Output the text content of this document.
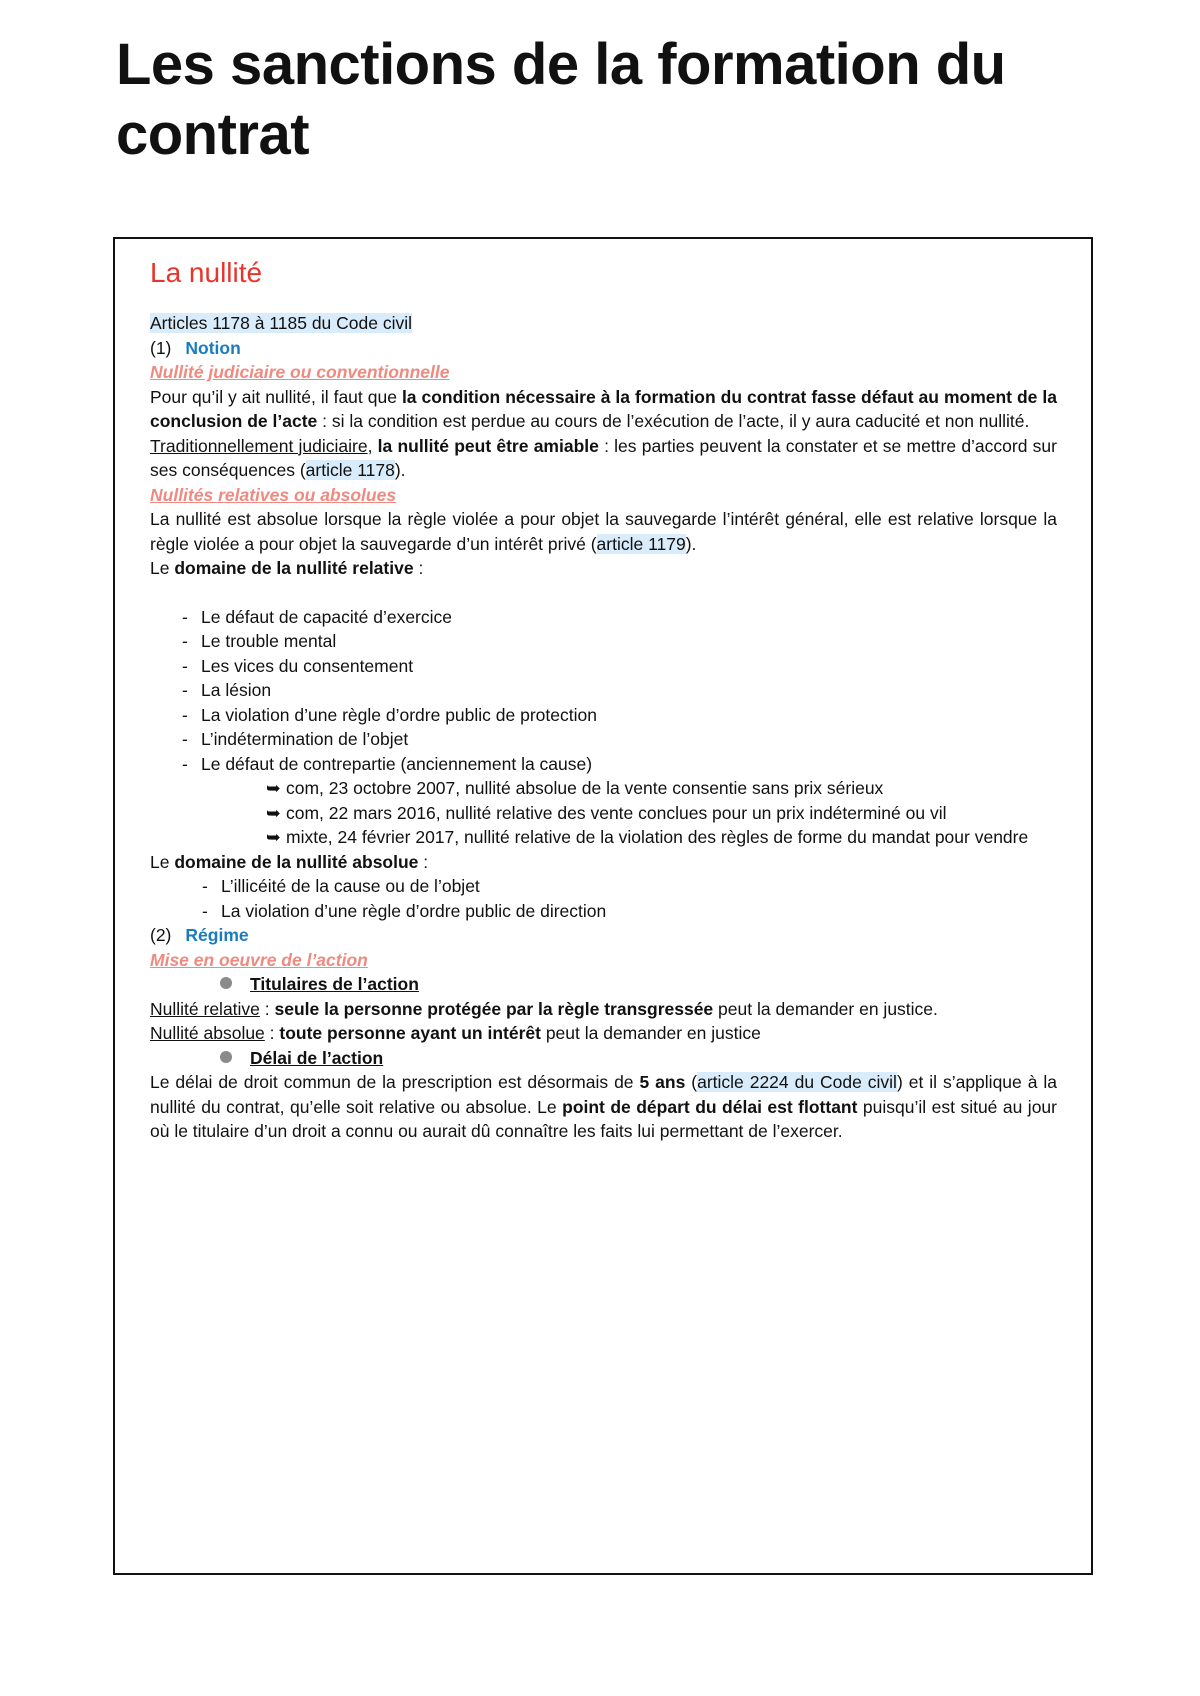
Les sanctions de la formation du contrat
La nullité

Articles 1178 à 1185 du Code civil

(1) Notion

Nullité judiciaire ou conventionnelle

Pour qu’il y ait nullité, il faut que la condition nécessaire à la formation du contrat fasse défaut au moment de la conclusion de l’acte : si la condition est perdue au cours de l’exécution de l’acte, il y aura caducité et non nullité.

Traditionnellement judiciaire, la nullité peut être amiable : les parties peuvent la constater et se mettre d’accord sur ses conséquences (article 1178).

Nullités relatives ou absolues

La nullité est absolue lorsque la règle violée a pour objet la sauvegarde l’intérêt général, elle est relative lorsque la règle violée a pour objet la sauvegarde d’un intérêt privé (article 1179).

Le domaine de la nullité relative :

- Le défaut de capacité d’exercice
- Le trouble mental
- Les vices du consentement
- La lésion
- La violation d’une règle d’ordre public de protection
- L’indétermination de l’objet
- Le défaut de contrepartie (anciennement la cause)
➥ com, 23 octobre 2007, nullité absolue de la vente consentie sans prix sérieux
➥ com, 22 mars 2016, nullité relative des vente conclues pour un prix indéterminé ou vil
➥ mixte, 24 février 2017, nullité relative de la violation des règles de forme du mandat pour vendre

Le domaine de la nullité absolue :

- L’illicéité de la cause ou de l’objet
- La violation d’une règle d’ordre public de direction

(2) Régime

Mise en oeuvre de l’action

Titulaires de l’action

Nullité relative : seule la personne protégée par la règle transgressée peut la demander en justice.

Nullité absolue : toute personne ayant un intérêt peut la demander en justice

Délai de l’action

Le délai de droit commun de la prescription est désormais de 5 ans (article 2224 du Code civil) et il s’applique à la nullité du contrat, qu’elle soit relative ou absolue. Le point de départ du délai est flottant puisqu’il est situé au jour où le titulaire d’un droit a connu ou aurait dû connaître les faits lui permettant de l’exercer.
